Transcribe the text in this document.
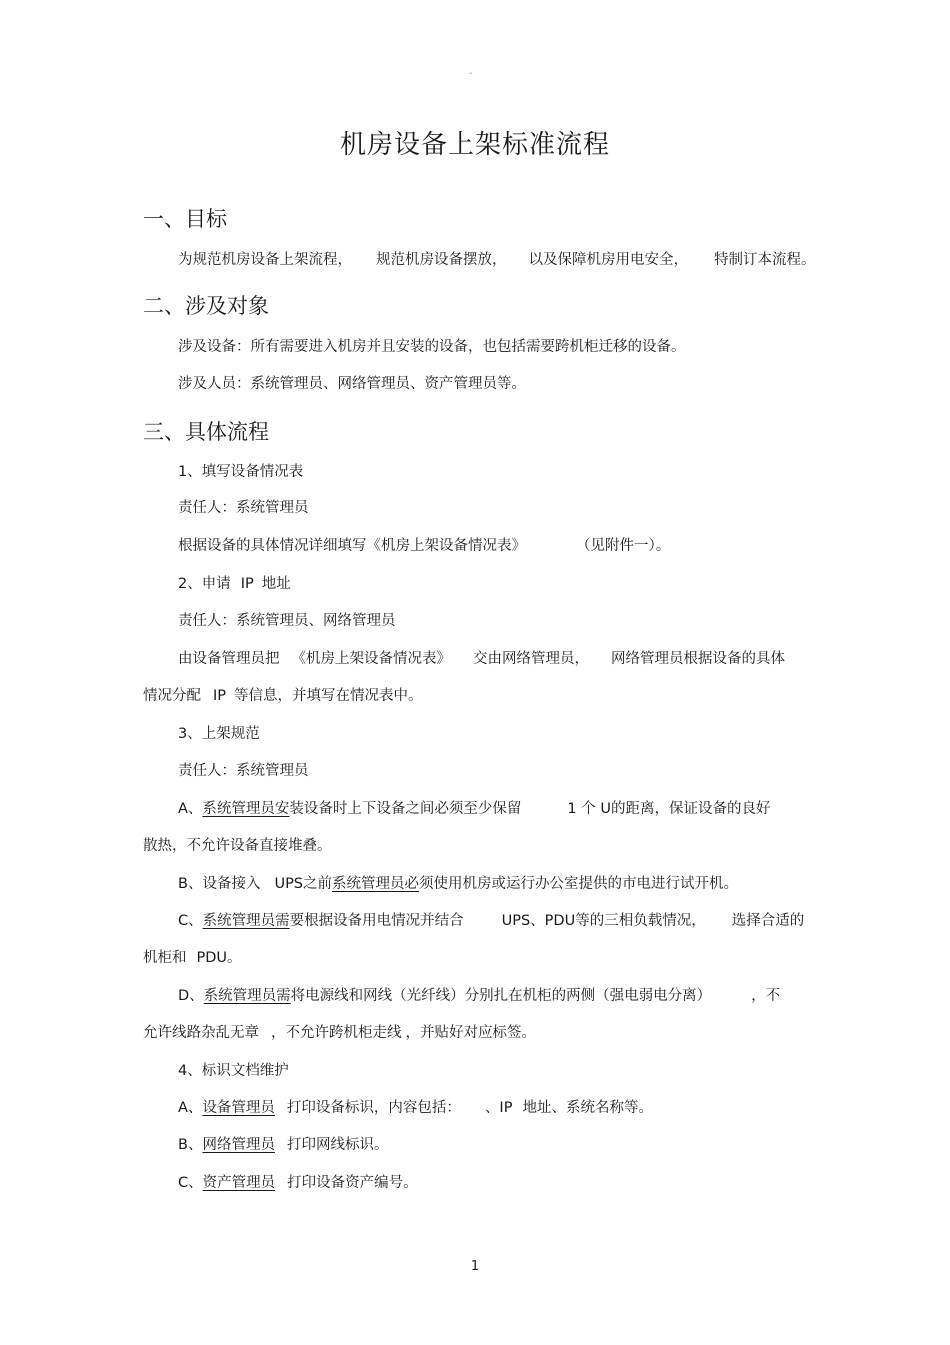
-
机房设备上架标准流程
一、目标
为规范机房设备上架流程， 规范机房设备摆放， 以及保障机房用电安全， 特制订本流程。
二、涉及对象
涉及设备：所有需要进入机房并且安装的设备，也包括需要跨机柜迁移的设备。
涉及人员：系统管理员、网络管理员、资产管理员等。
三、具体流程
1、填写设备情况表
责任人：系统管理员
根据设备的具体情况详细填写《机房上架设备情况表》	（见附件一）。
2、申请 IP 地址
责任人：系统管理员、网络管理员
由设备管理员把 《机房上架设备情况表》 交由网络管理员， 网络管理员根据设备的具体
情况分配 IP 等信息，并填写在情况表中。
3、上架规范
责任人：系统管理员
A、系统管理员安装设备时上下设备之间必须至少保留	1 个 U的距离，保证设备的良好
散热，不允许设备直接堆叠。
B、设备接入 UPS之前系统管理员必须使用机房或运行办公室提供的市电进行试开机。
C、系统管理员需要根据设备用电情况并结合	UPS、PDU等的三相负载情况， 选择合适的
机柜和 PDU。
D、系统管理员需将电源线和网线（光纤线）分别扎在机柜的两侧（强电弱电分离）	，不
允许线路杂乱无章 ，不允许跨机柜走线 ，并贴好对应标签。
4、标识文档维护
A、设备管理员 打印设备标识，内容包括： 、IP 地址、系统名称等。
B、网络管理员 打印网线标识。
C、资产管理员 打印设备资产编号。
1
